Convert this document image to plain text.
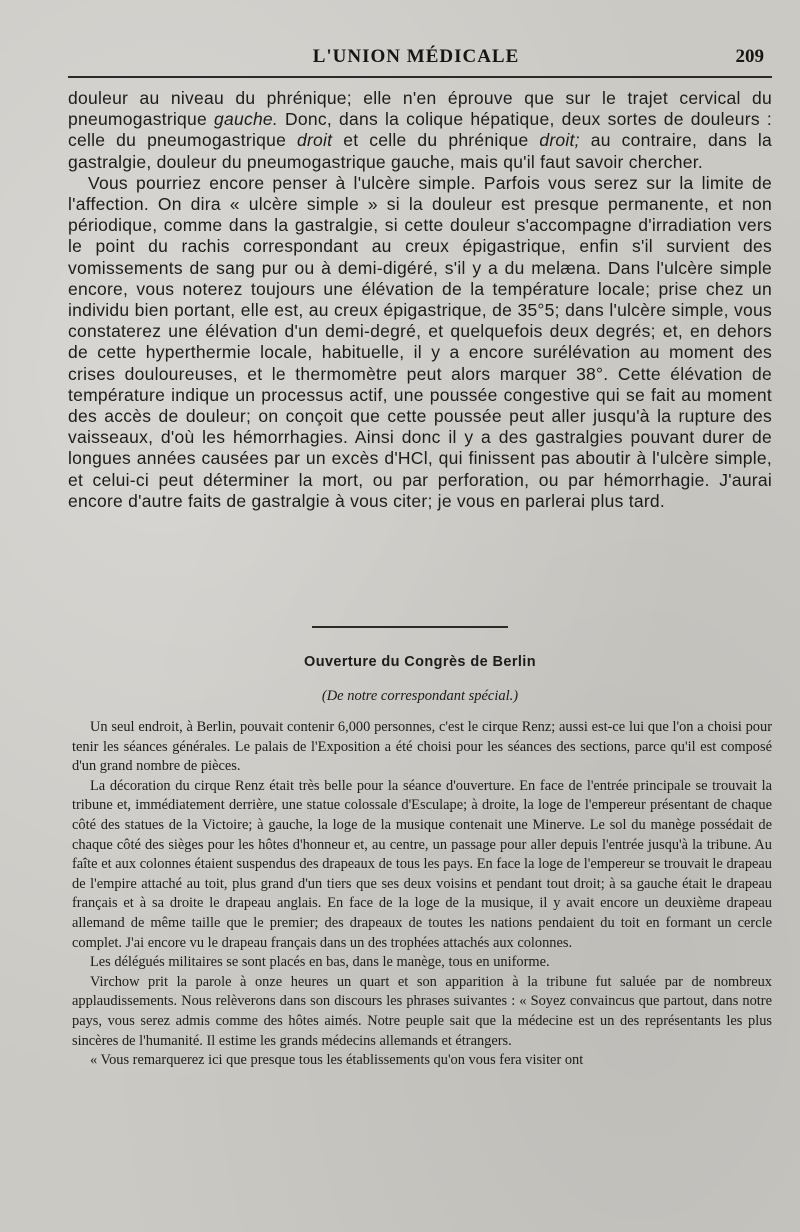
L'UNION MÉDICALE	209

douleur au niveau du phrénique; elle n'en éprouve que sur le trajet cervical du pneumogastrique gauche. Donc, dans la colique hépatique, deux sortes de douleurs : celle du pneumogastrique droit et celle du phrénique droit; au contraire, dans la gastralgie, douleur du pneumogastrique gauche, mais qu'il faut savoir chercher.

Vous pourriez encore penser à l'ulcère simple. Parfois vous serez sur la limite de l'affection. On dira « ulcère simple » si la douleur est presque permanente, et non périodique, comme dans la gastralgie, si cette douleur s'accompagne d'irradiation vers le point du rachis correspondant au creux épigastrique, enfin s'il survient des vomissements de sang pur ou à demi-digéré, s'il y a du melæna. Dans l'ulcère simple encore, vous noterez toujours une élévation de la température locale; prise chez un individu bien portant, elle est, au creux épigastrique, de 35°5; dans l'ulcère simple, vous constaterez une élévation d'un demi-degré, et quelquefois deux degrés; et, en dehors de cette hyperthermie locale, habituelle, il y a encore surélévation au moment des crises douloureuses, et le thermomètre peut alors marquer 38°. Cette élévation de température indique un processus actif, une poussée congestive qui se fait au moment des accès de douleur; on conçoit que cette poussée peut aller jusqu'à la rupture des vaisseaux, d'où les hémorrhagies. Ainsi donc il y a des gastralgies pouvant durer de longues années causées par un excès d'HCl, qui finissent pas aboutir à l'ulcère simple, et celui-ci peut déterminer la mort, ou par perforation, ou par hémorrhagie. J'aurai encore d'autre faits de gastralgie à vous citer; je vous en parlerai plus tard.

Ouverture du Congrès de Berlin
(De notre correspondant spécial.)

Un seul endroit, à Berlin, pouvait contenir 6,000 personnes, c'est le cirque Renz; aussi est-ce lui que l'on a choisi pour tenir les séances générales. Le palais de l'Exposition a été choisi pour les séances des sections, parce qu'il est composé d'un grand nombre de pièces.

La décoration du cirque Renz était très belle pour la séance d'ouverture. En face de l'entrée principale se trouvait la tribune et, immédiatement derrière, une statue colossale d'Esculape; à droite, la loge de l'empereur présentant de chaque côté des statues de la Victoire; à gauche, la loge de la musique contenait une Minerve. Le sol du manège possédait de chaque côté des sièges pour les hôtes d'honneur et, au centre, un passage pour aller depuis l'entrée jusqu'à la tribune. Au faîte et aux colonnes étaient suspendus des drapeaux de tous les pays. En face la loge de l'empereur se trouvait le drapeau de l'empire attaché au toit, plus grand d'un tiers que ses deux voisins et pendant tout droit; à sa gauche était le drapeau français et à sa droite le drapeau anglais. En face de la loge de la musique, il y avait encore un deuxième drapeau allemand de même taille que le premier; des drapeaux de toutes les nations pendaient du toit en formant un cercle complet. J'ai encore vu le drapeau français dans un des trophées attachés aux colonnes.

Les délégués militaires se sont placés en bas, dans le manège, tous en uniforme.

Virchow prit la parole à onze heures un quart et son apparition à la tribune fut saluée par de nombreux applaudissements. Nous relèverons dans son discours les phrases suivantes : « Soyez convaincus que partout, dans notre pays, vous serez admis comme des hôtes aimés. Notre peuple sait que la médecine est un des représentants les plus sincères de l'humanité. Il estime les grands médecins allemands et étrangers.

« Vous remarquerez ici que presque tous les établissements qu'on vous fera visiter ont
